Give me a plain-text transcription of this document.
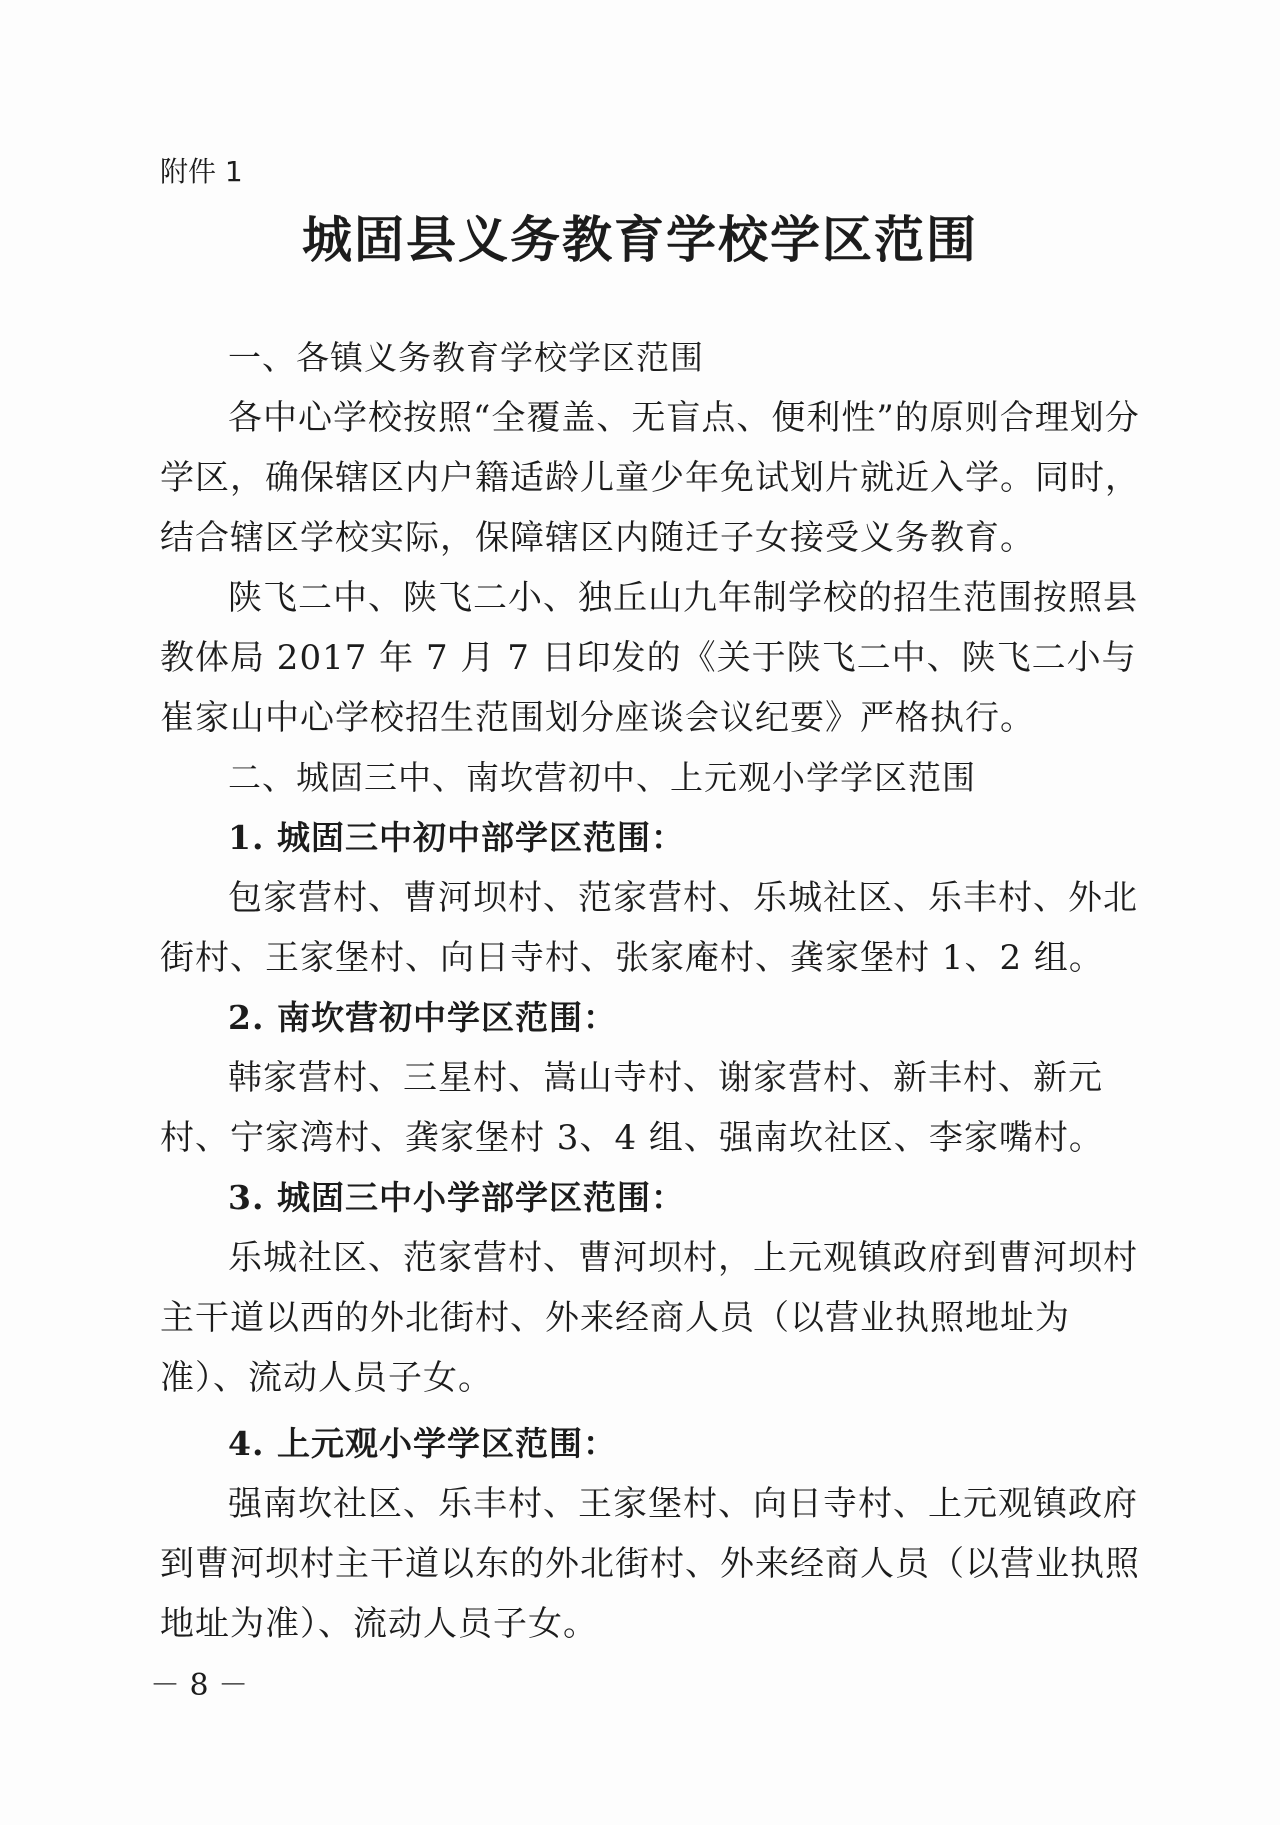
附件 1
城固县义务教育学校学区范围

一、各镇义务教育学校学区范围

各中心学校按照“全覆盖、无盲点、便利性”的原则合理划分学区，确保辖区内户籍适龄儿童少年免试划片就近入学。同时，结合辖区学校实际，保障辖区内随迁子女接受义务教育。

陕飞二中、陕飞二小、独丘山九年制学校的招生范围按照县教体局 2017 年 7 月 7 日印发的《关于陕飞二中、陕飞二小与崔家山中心学校招生范围划分座谈会议纪要》严格执行。

二、城固三中、南坎营初中、上元观小学学区范围

1. 城固三中初中部学区范围：

包家营村、曹河坝村、范家营村、乐城社区、乐丰村、外北街村、王家堡村、向日寺村、张家庵村、龚家堡村 1、2 组。

2. 南坎营初中学区范围：

韩家营村、三星村、嵩山寺村、谢家营村、新丰村、新元村、宁家湾村、龚家堡村 3、4 组、强南坎社区、李家嘴村。

3. 城固三中小学部学区范围：

乐城社区、范家营村、曹河坝村，上元观镇政府到曹河坝村主干道以西的外北街村、外来经商人员（以营业执照地址为准）、流动人员子女。

4. 上元观小学学区范围：

强南坎社区、乐丰村、王家堡村、向日寺村、上元观镇政府到曹河坝村主干道以东的外北街村、外来经商人员（以营业执照地址为准）、流动人员子女。

－ 8 －
